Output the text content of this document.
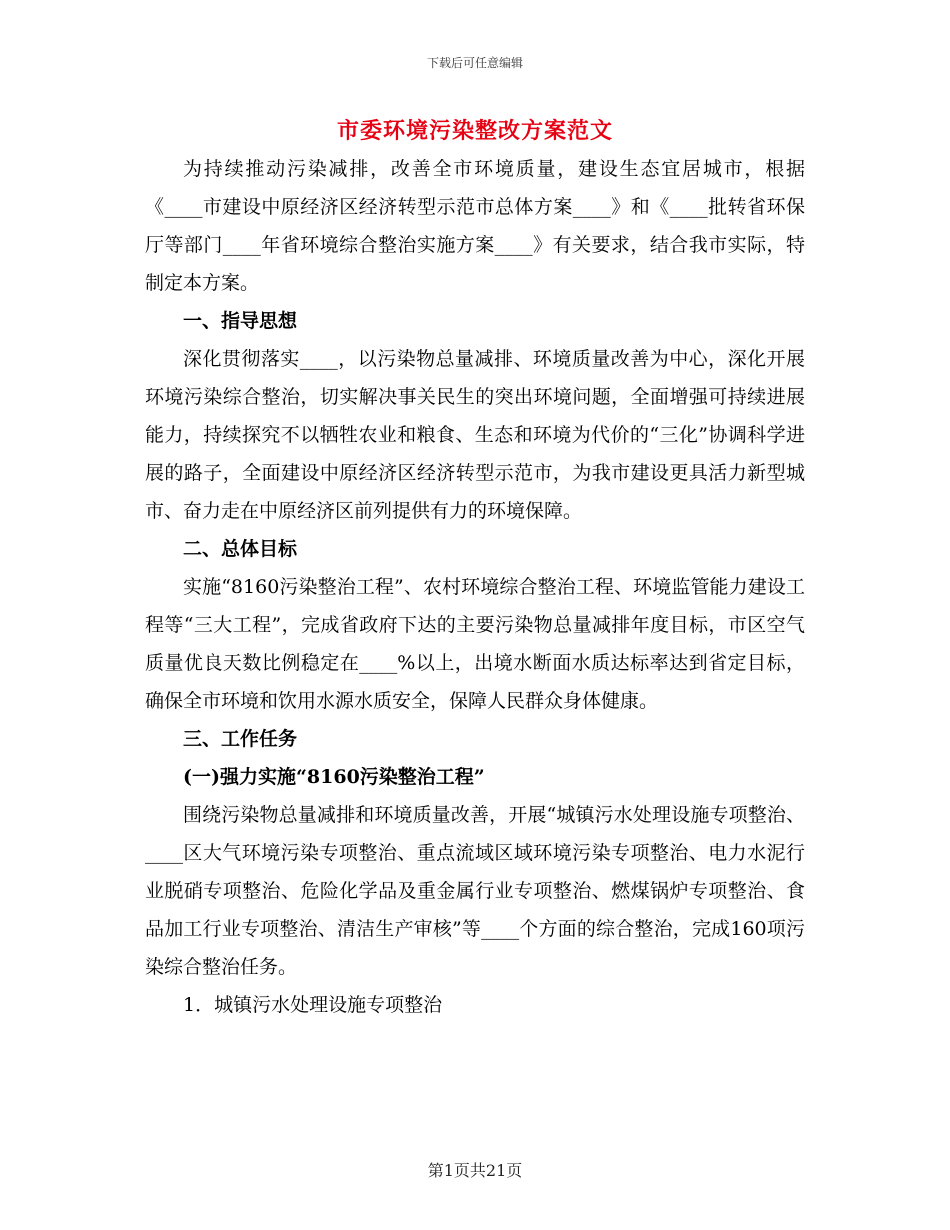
下载后可任意编辑
市委环境污染整改方案范文

为持续推动污染减排，改善全市环境质量，建设生态宜居城市，根据《____市建设中原经济区经济转型示范市总体方案____》和《____批转省环保厅等部门____年省环境综合整治实施方案____》有关要求，结合我市实际，特制定本方案。

一、指导思想

深化贯彻落实____，以污染物总量减排、环境质量改善为中心，深化开展环境污染综合整治，切实解决事关民生的突出环境问题，全面增强可持续进展能力，持续探究不以牺牲农业和粮食、生态和环境为代价的“三化”协调科学进展的路子，全面建设中原经济区经济转型示范市，为我市建设更具活力新型城市、奋力走在中原经济区前列提供有力的环境保障。

二、总体目标

实施“8160污染整治工程”、农村环境综合整治工程、环境监管能力建设工程等“三大工程”，完成省政府下达的主要污染物总量减排年度目标，市区空气质量优良天数比例稳定在____%以上，出境水断面水质达标率达到省定目标，确保全市环境和饮用水源水质安全，保障人民群众身体健康。

三、工作任务

(一)强力实施“8160污染整治工程”

围绕污染物总量减排和环境质量改善，开展“城镇污水处理设施专项整治、____区大气环境污染专项整治、重点流域区域环境污染专项整治、电力水泥行业脱硝专项整治、危险化学品及重金属行业专项整治、燃煤锅炉专项整治、食品加工行业专项整治、清洁生产审核”等____个方面的综合整治，完成160项污染综合整治任务。

1．城镇污水处理设施专项整治

第1页共21页
